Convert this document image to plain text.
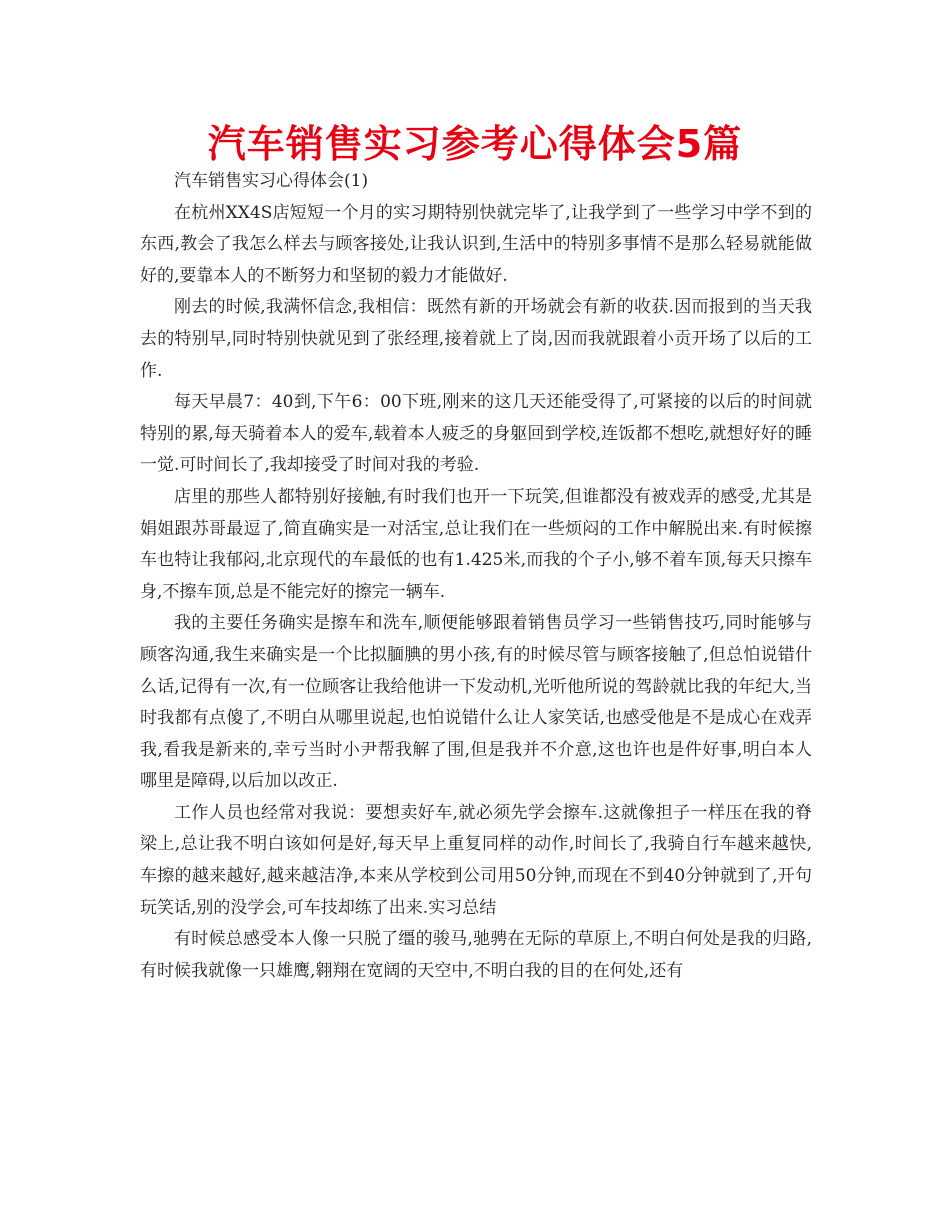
汽车销售实习参考心得体会5篇

汽车销售实习心得体会(1)

在杭州XX4S店短短一个月的实习期特别快就完毕了,让我学到了一些学习中学不到的东西,教会了我怎么样去与顾客接处,让我认识到,生活中的特别多事情不是那么轻易就能做好的,要靠本人的不断努力和坚韧的毅力才能做好.

刚去的时候,我满怀信念,我相信：既然有新的开场就会有新的收获.因而报到的当天我去的特别早,同时特别快就见到了张经理,接着就上了岗,因而我就跟着小贡开场了以后的工作.

每天早晨7：40到,下午6：00下班,刚来的这几天还能受得了,可紧接的以后的时间就特别的累,每天骑着本人的爱车,载着本人疲乏的身躯回到学校,连饭都不想吃,就想好好的睡一觉.可时间长了,我却接受了时间对我的考验.

店里的那些人都特别好接触,有时我们也开一下玩笑,但谁都没有被戏弄的感受,尤其是娟姐跟苏哥最逗了,简直确实是一对活宝,总让我们在一些烦闷的工作中解脱出来.有时候擦车也特让我郁闷,北京现代的车最低的也有1.425米,而我的个子小,够不着车顶,每天只擦车身,不擦车顶,总是不能完好的擦完一辆车.

我的主要任务确实是擦车和洗车,顺便能够跟着销售员学习一些销售技巧,同时能够与顾客沟通,我生来确实是一个比拟腼腆的男小孩,有的时候尽管与顾客接触了,但总怕说错什么话,记得有一次,有一位顾客让我给他讲一下发动机,光听他所说的驾龄就比我的年纪大,当时我都有点傻了,不明白从哪里说起,也怕说错什么让人家笑话,也感受他是不是成心在戏弄我,看我是新来的,幸亏当时小尹帮我解了围,但是我并不介意,这也许也是件好事,明白本人哪里是障碍,以后加以改正.

工作人员也经常对我说：要想卖好车,就必须先学会擦车.这就像担子一样压在我的脊梁上,总让我不明白该如何是好,每天早上重复同样的动作,时间长了,我骑自行车越来越快,车擦的越来越好,越来越洁净,本来从学校到公司用50分钟,而现在不到40分钟就到了,开句玩笑话,别的没学会,可车技却练了出来.实习总结

有时候总感受本人像一只脱了缰的骏马,驰骋在无际的草原上,不明白何处是我的归路,有时候我就像一只雄鹰,翱翔在宽阔的天空中,不明白我的目的在何处,还有
